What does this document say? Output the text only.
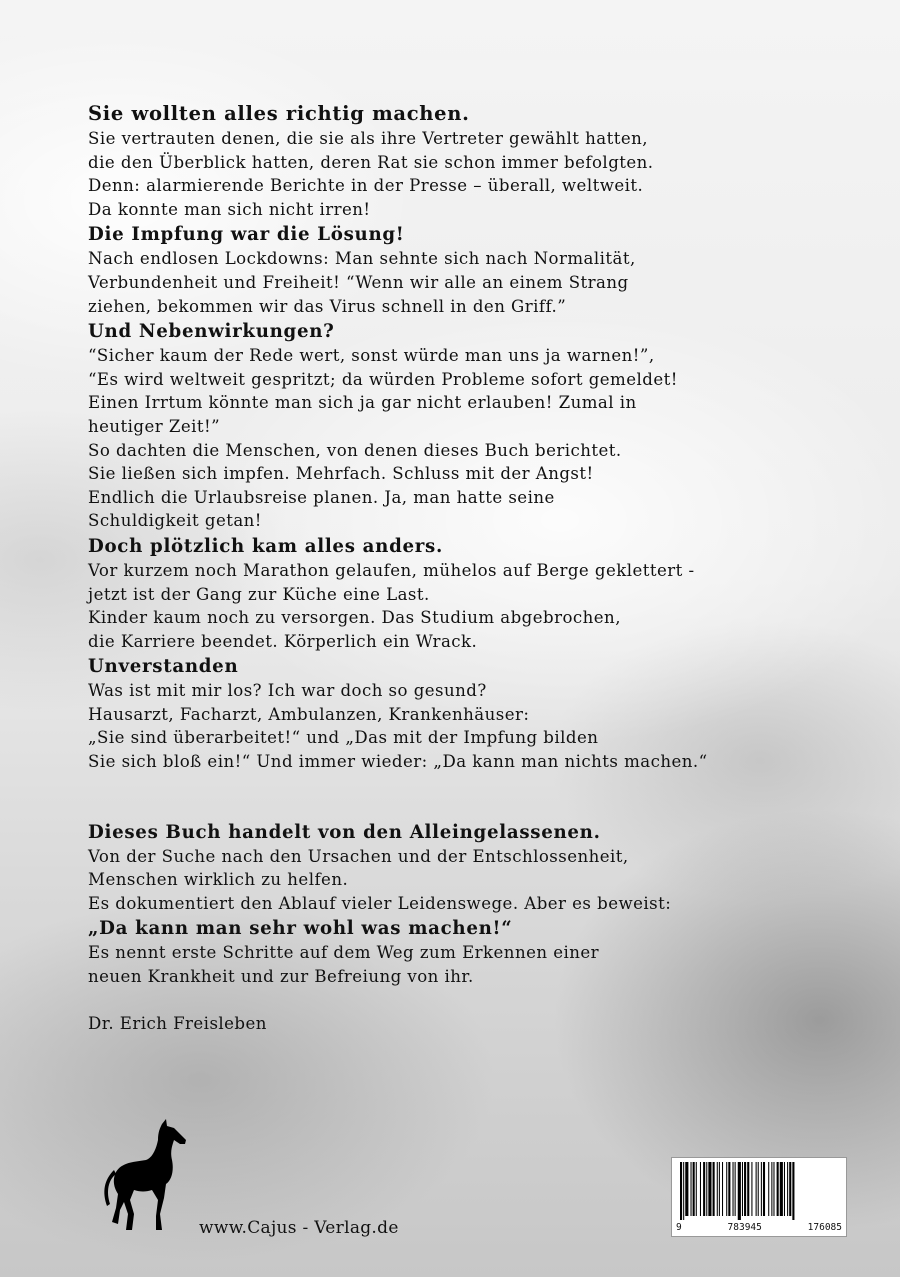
Sie wollten alles richtig machen.
Sie vertrauten denen, die sie als ihre Vertreter gewählt hatten,
die den Überblick hatten, deren Rat sie schon immer befolgten.
Denn: alarmierende Berichte in der Presse – überall, weltweit.
Da konnte man sich nicht irren!
Die Impfung war die Lösung!
Nach endlosen Lockdowns: Man sehnte sich nach Normalität,
Verbundenheit und Freiheit! “Wenn wir alle an einem Strang
ziehen, bekommen wir das Virus schnell in den Griff.”
Und Nebenwirkungen?
“Sicher kaum der Rede wert, sonst würde man uns ja warnen!”,
“Es wird weltweit gespritzt; da würden Probleme sofort gemeldet!
Einen Irrtum könnte man sich ja gar nicht erlauben! Zumal in
heutiger Zeit!”
So dachten die Menschen, von denen dieses Buch berichtet.
Sie ließen sich impfen. Mehrfach. Schluss mit der Angst!
Endlich die Urlaubsreise planen. Ja, man hatte seine
Schuldigkeit getan!
Doch plötzlich kam alles anders.
Vor kurzem noch Marathon gelaufen, mühelos auf Berge geklettert -
jetzt ist der Gang zur Küche eine Last.
Kinder kaum noch zu versorgen. Das Studium abgebrochen,
die Karriere beendet. Körperlich ein Wrack.
Unverstanden
Was ist mit mir los? Ich war doch so gesund?
Hausarzt, Facharzt, Ambulanzen, Krankenhäuser:
„Sie sind überarbeitet!“ und „Das mit der Impfung bilden
Sie sich bloß ein!“ Und immer wieder: „Da kann man nichts machen.“
Dieses Buch handelt von den Alleingelassenen.
Von der Suche nach den Ursachen und der Entschlossenheit,
Menschen wirklich zu helfen.
Es dokumentiert den Ablauf vieler Leidenswege. Aber es beweist:
„Da kann man sehr wohl was machen!“
Es nennt erste Schritte auf dem Weg zum Erkennen einer
neuen Krankheit und zur Befreiung von ihr.
Dr. Erich Freisleben
www.Cajus - Verlag.de	9	783945	176085
